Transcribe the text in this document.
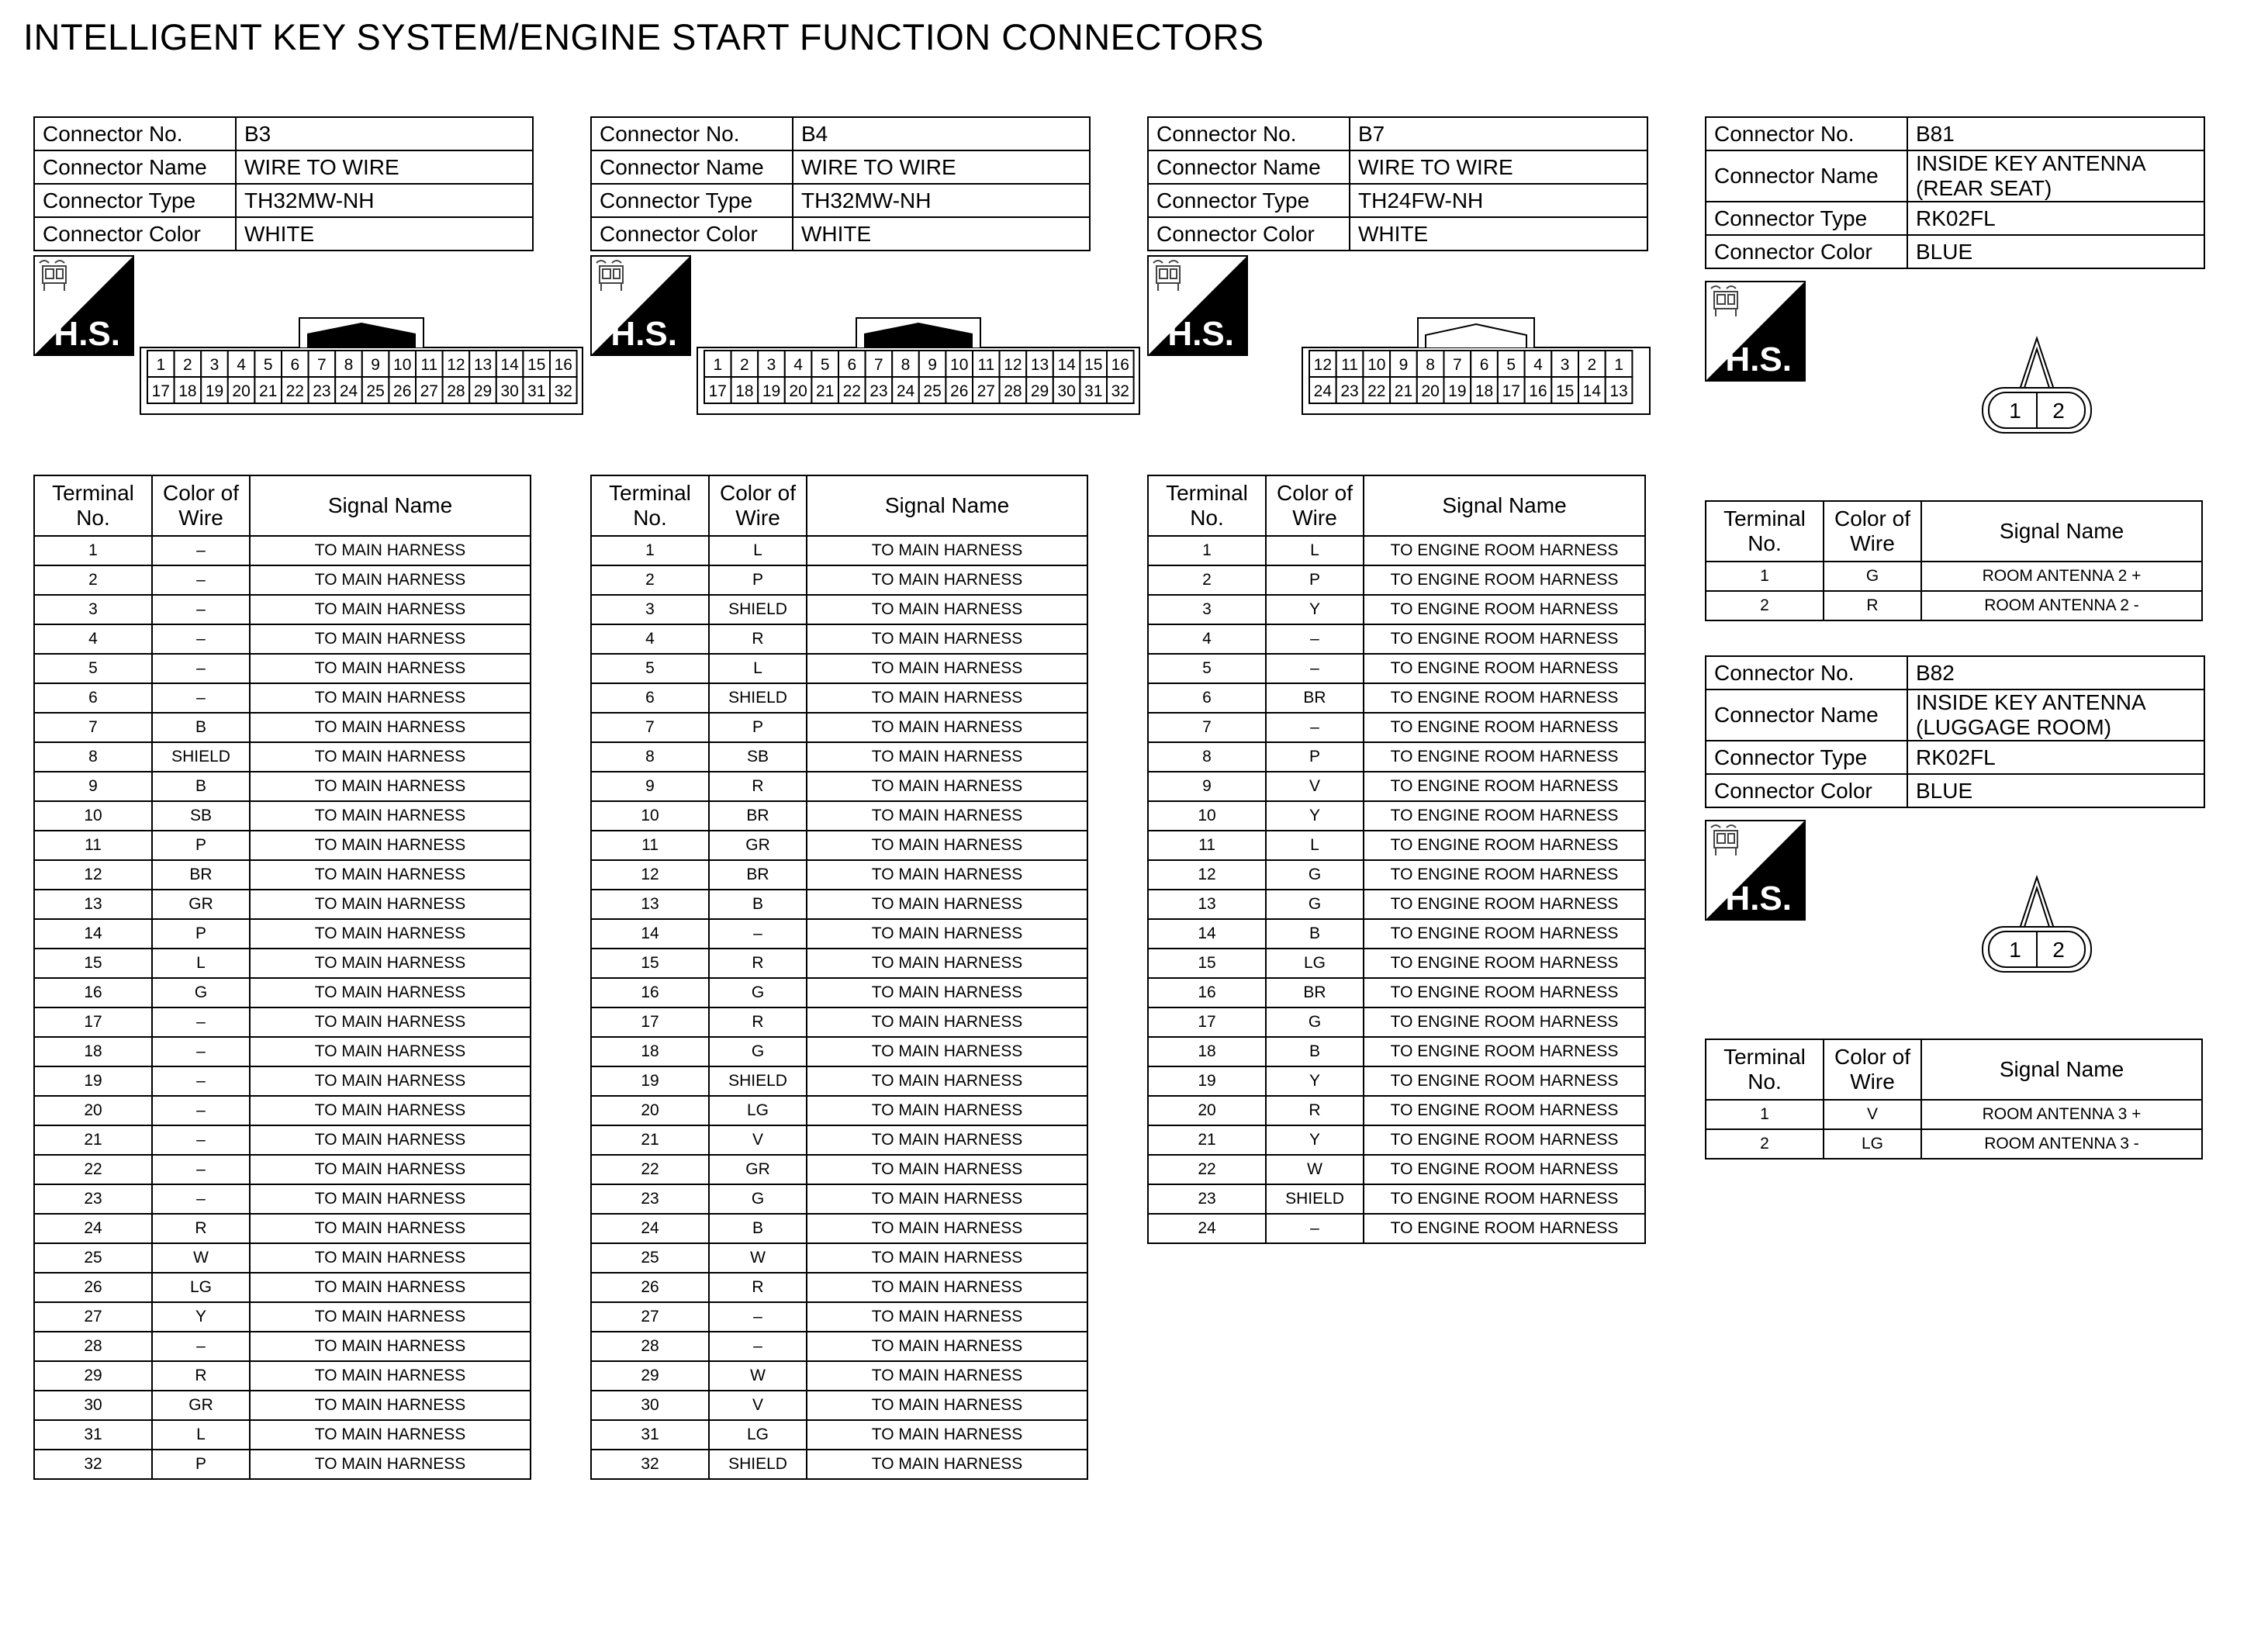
INTELLIGENT KEY SYSTEM/ENGINE START FUNCTION CONNECTORS
Connector No.	B3
Connector Name	WIRE TO WIRE
Connector Type	TH32MW-NH
Connector Color	WHITE
H.S.
1 2 3 4 5 6 7 8 9 10 11 12 13 14 15 16
17 18 19 20 21 22 23 24 25 26 27 28 29 30 31 32
Terminal No.	Color of Wire	Signal Name
1	–	TO MAIN HARNESS
2	–	TO MAIN HARNESS
3	–	TO MAIN HARNESS
4	–	TO MAIN HARNESS
5	–	TO MAIN HARNESS
6	–	TO MAIN HARNESS
7	B	TO MAIN HARNESS
8	SHIELD	TO MAIN HARNESS
9	B	TO MAIN HARNESS
10	SB	TO MAIN HARNESS
11	P	TO MAIN HARNESS
12	BR	TO MAIN HARNESS
13	GR	TO MAIN HARNESS
14	P	TO MAIN HARNESS
15	L	TO MAIN HARNESS
16	G	TO MAIN HARNESS
17	–	TO MAIN HARNESS
18	–	TO MAIN HARNESS
19	–	TO MAIN HARNESS
20	–	TO MAIN HARNESS
21	–	TO MAIN HARNESS
22	–	TO MAIN HARNESS
23	–	TO MAIN HARNESS
24	R	TO MAIN HARNESS
25	W	TO MAIN HARNESS
26	LG	TO MAIN HARNESS
27	Y	TO MAIN HARNESS
28	–	TO MAIN HARNESS
29	R	TO MAIN HARNESS
30	GR	TO MAIN HARNESS
31	L	TO MAIN HARNESS
32	P	TO MAIN HARNESS
Connector No.	B4
Connector Name	WIRE TO WIRE
Connector Type	TH32MW-NH
Connector Color	WHITE
H.S.
1 2 3 4 5 6 7 8 9 10 11 12 13 14 15 16
17 18 19 20 21 22 23 24 25 26 27 28 29 30 31 32
Terminal No.	Color of Wire	Signal Name
1	L	TO MAIN HARNESS
2	P	TO MAIN HARNESS
3	SHIELD	TO MAIN HARNESS
4	R	TO MAIN HARNESS
5	L	TO MAIN HARNESS
6	SHIELD	TO MAIN HARNESS
7	P	TO MAIN HARNESS
8	SB	TO MAIN HARNESS
9	R	TO MAIN HARNESS
10	BR	TO MAIN HARNESS
11	GR	TO MAIN HARNESS
12	BR	TO MAIN HARNESS
13	B	TO MAIN HARNESS
14	–	TO MAIN HARNESS
15	R	TO MAIN HARNESS
16	G	TO MAIN HARNESS
17	R	TO MAIN HARNESS
18	G	TO MAIN HARNESS
19	SHIELD	TO MAIN HARNESS
20	LG	TO MAIN HARNESS
21	V	TO MAIN HARNESS
22	GR	TO MAIN HARNESS
23	G	TO MAIN HARNESS
24	B	TO MAIN HARNESS
25	W	TO MAIN HARNESS
26	R	TO MAIN HARNESS
27	–	TO MAIN HARNESS
28	–	TO MAIN HARNESS
29	W	TO MAIN HARNESS
30	V	TO MAIN HARNESS
31	LG	TO MAIN HARNESS
32	SHIELD	TO MAIN HARNESS
Connector No.	B7
Connector Name	WIRE TO WIRE
Connector Type	TH24FW-NH
Connector Color	WHITE
H.S.
12 11 10 9 8 7 6 5 4 3 2 1
24 23 22 21 20 19 18 17 16 15 14 13
Terminal No.	Color of Wire	Signal Name
1	L	TO ENGINE ROOM HARNESS
2	P	TO ENGINE ROOM HARNESS
3	Y	TO ENGINE ROOM HARNESS
4	–	TO ENGINE ROOM HARNESS
5	–	TO ENGINE ROOM HARNESS
6	BR	TO ENGINE ROOM HARNESS
7	–	TO ENGINE ROOM HARNESS
8	P	TO ENGINE ROOM HARNESS
9	V	TO ENGINE ROOM HARNESS
10	Y	TO ENGINE ROOM HARNESS
11	L	TO ENGINE ROOM HARNESS
12	G	TO ENGINE ROOM HARNESS
13	G	TO ENGINE ROOM HARNESS
14	B	TO ENGINE ROOM HARNESS
15	LG	TO ENGINE ROOM HARNESS
16	BR	TO ENGINE ROOM HARNESS
17	G	TO ENGINE ROOM HARNESS
18	B	TO ENGINE ROOM HARNESS
19	Y	TO ENGINE ROOM HARNESS
20	R	TO ENGINE ROOM HARNESS
21	Y	TO ENGINE ROOM HARNESS
22	W	TO ENGINE ROOM HARNESS
23	SHIELD	TO ENGINE ROOM HARNESS
24	–	TO ENGINE ROOM HARNESS
Connector No.	B81
Connector Name	INSIDE KEY ANTENNA (REAR SEAT)
Connector Type	RK02FL
Connector Color	BLUE
H.S.
1 2
Terminal No.	Color of Wire	Signal Name
1	G	ROOM ANTENNA 2 +
2	R	ROOM ANTENNA 2 -
Connector No.	B82
Connector Name	INSIDE KEY ANTENNA (LUGGAGE ROOM)
Connector Type	RK02FL
Connector Color	BLUE
H.S.
1 2
Terminal No.	Color of Wire	Signal Name
1	V	ROOM ANTENNA 3 +
2	LG	ROOM ANTENNA 3 -
